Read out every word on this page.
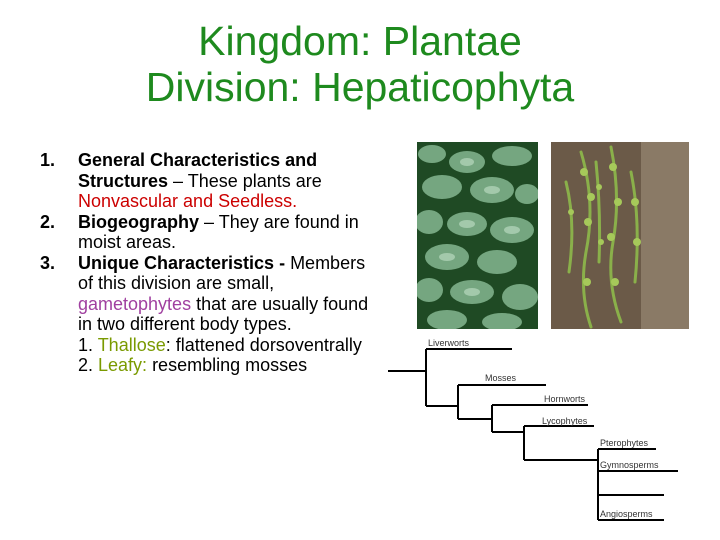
Kingdom: Plantae
Division: Hepaticophyta
1. General Characteristics and Structures – These plants are Nonvascular and Seedless.
2. Biogeography – They are found in moist areas.
3. Unique Characteristics - Members of this division are small, gametophytes that are usually found in two different body types.
1. Thallose: flattened dorsoventrally
2. Leafy: resembling mosses
Liverworts
Mosses
Hornworts
Lycophytes
Pterophytes
Gymnosperms
Angiosperms
